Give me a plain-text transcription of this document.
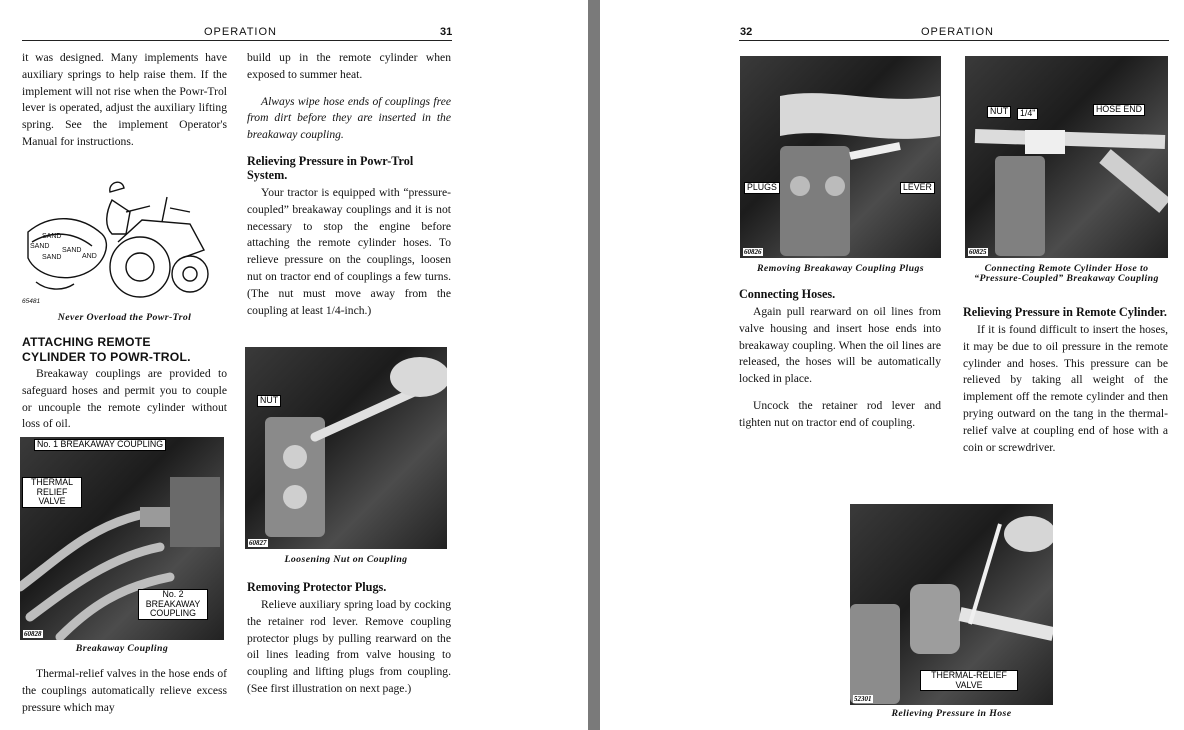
OPERATION	31

it was designed. Many implements have auxiliary springs to help raise them. If the implement will not rise when the Powr-Trol lever is operated, adjust the auxiliary lifting spring. See the implement Operator's Manual for instructions.

SAND
SAND
SAND
SAND	AND
65481
Never Overload the Powr-Trol
ATTACHING REMOTE
CYLINDER TO POWR-TROL.

Breakaway couplings are provided to safeguard hoses and permit you to couple or uncouple the remote cylinder without loss of oil.

No. 1 BREAKAWAY COUPLING
THERMAL RELIEF VALVE
No. 2 BREAKAWAY COUPLING
60828
Breakaway Coupling

Thermal-relief valves in the hose ends of the couplings automatically relieve excess pressure which may

build up in the remote cylinder when exposed to summer heat.

Always wipe hose ends of couplings free from dirt before they are inserted in the breakaway coupling.

Relieving Pressure in Powr-Trol System.

Your tractor is equipped with “pressure-coupled” breakaway couplings and it is not necessary to stop the engine before attaching the remote cylinder hoses. To relieve pressure on the couplings, loosen nut on tractor end of couplings a few turns. (The nut must move away from the coupling at least 1/4-inch.)

NUT
60827
Loosening Nut on Coupling
Removing Protector Plugs.

Relieve auxiliary spring load by cocking the retainer rod lever. Remove coupling protector plugs by pulling rearward on the oil lines leading from valve housing to coupling and lifting plugs from coupling. (See first illustration on next page.)

32	OPERATION
PLUGS	LEVER
60826
Removing Breakaway Coupling Plugs
NUT	1/4"	HOSE END
60825
Connecting Remote Cylinder Hose to “Pressure-Coupled” Breakaway Coupling
Connecting Hoses.

Again pull rearward on oil lines from valve housing and insert hose ends into breakaway coupling. When the oil lines are released, the hoses will be automatically locked in place.

Uncock the retainer rod lever and tighten nut on tractor end of coupling.

Relieving Pressure in Remote Cylinder.

If it is found difficult to insert the hoses, it may be due to oil pressure in the remote cylinder and hoses. This pressure can be relieved by taking all weight of the implement off the remote cylinder and then prying outward on the tang in the thermal-relief valve at coupling end of hose with a coin or screwdriver.

THERMAL-RELIEF VALVE
52301
Relieving Pressure in Hose
